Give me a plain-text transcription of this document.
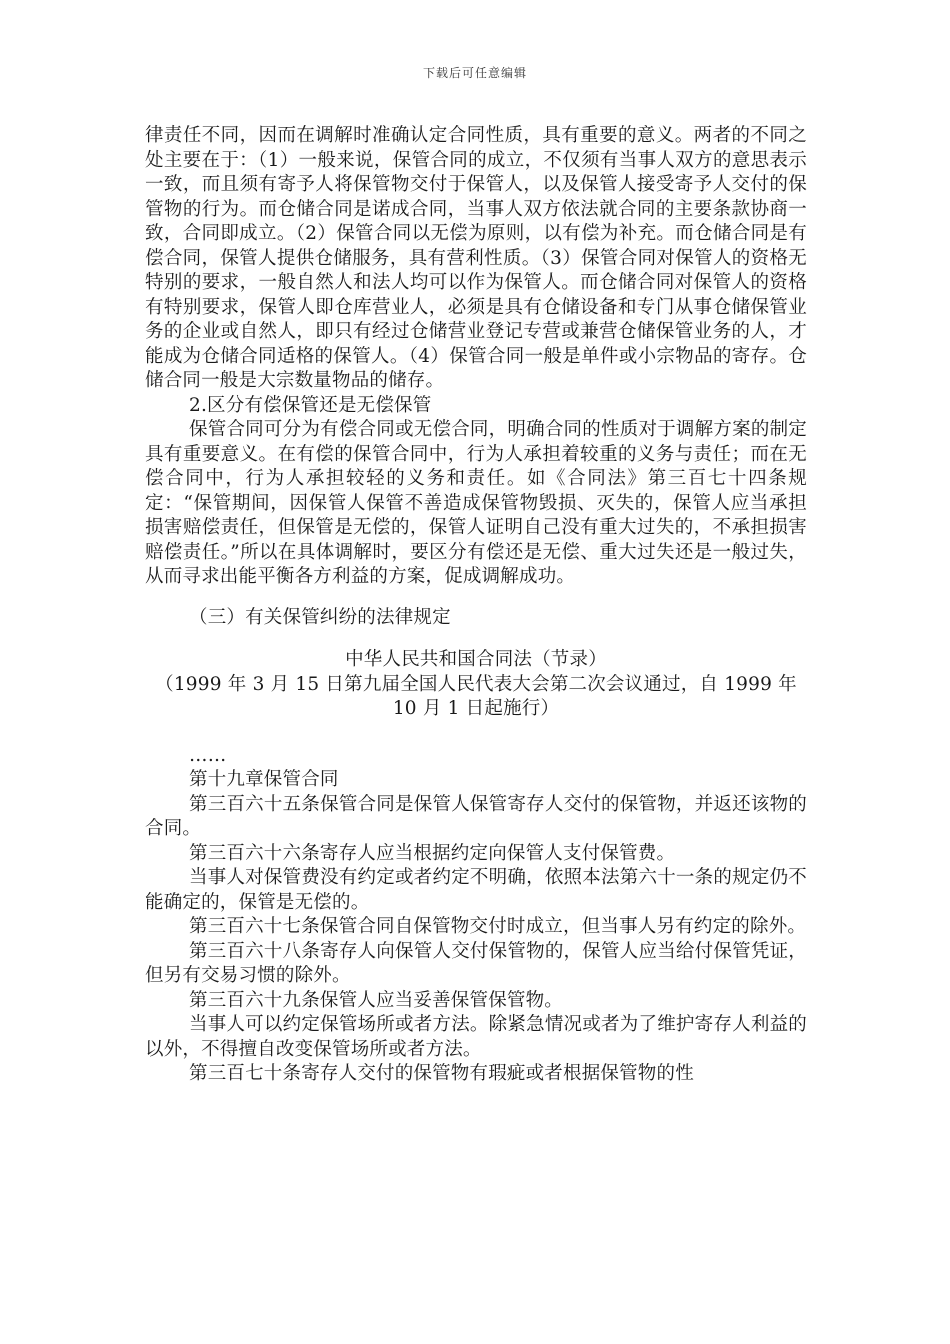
下载后可任意编辑

律责任不同，因而在调解时准确认定合同性质，具有重要的意义。两者的不同之处主要在于：（1）一般来说，保管合同的成立，不仅须有当事人双方的意思表示一致，而且须有寄予人将保管物交付于保管人，以及保管人接受寄予人交付的保管物的行为。而仓储合同是诺成合同，当事人双方依法就合同的主要条款协商一致，合同即成立。（2）保管合同以无偿为原则，以有偿为补充。而仓储合同是有偿合同，保管人提供仓储服务，具有营利性质。（3）保管合同对保管人的资格无特别的要求，一般自然人和法人均可以作为保管人。而仓储合同对保管人的资格有特别要求，保管人即仓库营业人，必须是具有仓储设备和专门从事仓储保管业务的企业或自然人，即只有经过仓储营业登记专营或兼营仓储保管业务的人，才能成为仓储合同适格的保管人。（4）保管合同一般是单件或小宗物品的寄存。仓储合同一般是大宗数量物品的储存。

2.区分有偿保管还是无偿保管

保管合同可分为有偿合同或无偿合同，明确合同的性质对于调解方案的制定具有重要意义。在有偿的保管合同中，行为人承担着较重的义务与责任；而在无偿合同中，行为人承担较轻的义务和责任。如《合同法》第三百七十四条规定：“保管期间，因保管人保管不善造成保管物毁损、灭失的，保管人应当承担损害赔偿责任，但保管是无偿的，保管人证明自己没有重大过失的，不承担损害赔偿责任。”所以在具体调解时，要区分有偿还是无偿、重大过失还是一般过失，从而寻求出能平衡各方利益的方案，促成调解成功。

（三）有关保管纠纷的法律规定

中华人民共和国合同法（节录）

（1999 年 3 月 15 日第九届全国人民代表大会第二次会议通过，自 1999 年 10 月 1 日起施行）

……

第十九章保管合同

第三百六十五条保管合同是保管人保管寄存人交付的保管物，并返还该物的合同。

第三百六十六条寄存人应当根据约定向保管人支付保管费。

当事人对保管费没有约定或者约定不明确，依照本法第六十一条的规定仍不能确定的，保管是无偿的。

第三百六十七条保管合同自保管物交付时成立，但当事人另有约定的除外。

第三百六十八条寄存人向保管人交付保管物的，保管人应当给付保管凭证，但另有交易习惯的除外。

第三百六十九条保管人应当妥善保管保管物。

当事人可以约定保管场所或者方法。除紧急情况或者为了维护寄存人利益的以外，不得擅自改变保管场所或者方法。

第三百七十条寄存人交付的保管物有瑕疵或者根据保管物的性
